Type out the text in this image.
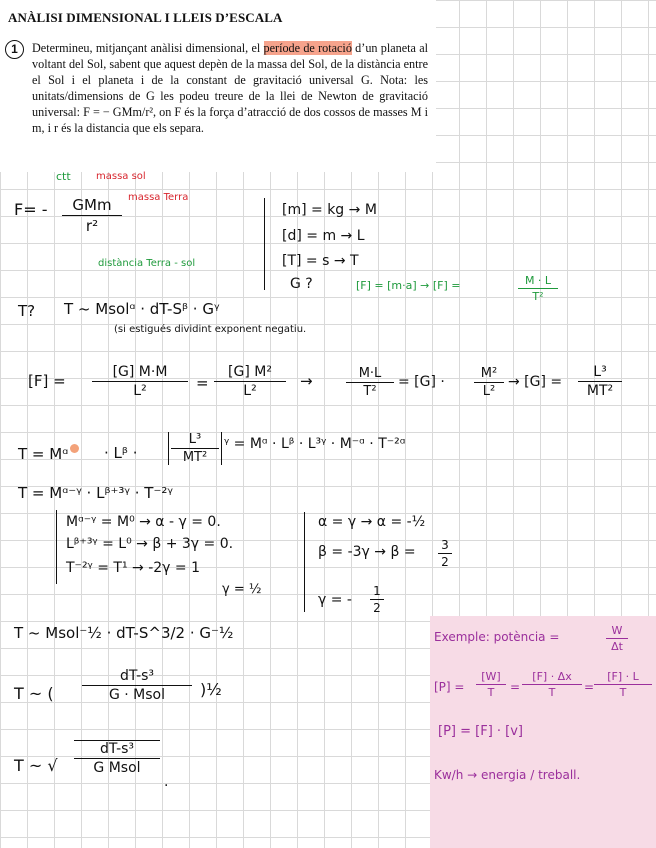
ANÀLISI DIMENSIONAL I LLEIS D’ESCALA
1	Determineu, mitjançant anàlisi dimensional, el període de rotació d’un planeta al voltant del Sol, sabent que aquest depèn de la massa del Sol, de la distància entre el Sol i el planeta i de la constant de gravitació universal G. Nota: les unitats/dimensions de G les podeu treure de la llei de Newton de gravitació universal: F = − GMm/r², on F és la força d’atracció de dos cossos de masses M i m, i r és la distancia que els separa.
ctt	massa sol
massa Terra
F= -	GMm
r²
distància Terra - sol
[m] = kg → M
[d] = m → L
[T] = s → T
G ?	[F] = [m·a] → [F] =	M · L
T²
T? T ~ Msolᵅ · dT-Sᵝ · Gᵞ
(si estigués dividint exponent negatiu.
[F] =	[G] M·M
L²	=
[G] M²
L²
→	M·L
T²
= [G] ·
M²
L²
→ [G] =
L³
MT²
T = Mᵅ	· Lᵝ ·
L³
MT²
ᵞ = Mᵅ · Lᵝ · L³ᵞ · M⁻ᵅ · T⁻²ᵅ
T = Mᵅ⁻ᵞ · Lᵝ⁺³ᵞ · T⁻²ᵞ
Mᵅ⁻ᵞ = M⁰ → α - γ = 0.
Lᵝ⁺³ᵞ = L⁰ → β + 3γ = 0.
T⁻²ᵞ = T¹ → -2γ = 1
γ = ½
α = γ → α = -½
β = -3γ → β = 3
2
γ = -
1
2
T ~ Msol⁻½ · dT-S^3/2 · G⁻½
T ~ (
dT-s³
G · Msol	)½
T ~ √
dT-s³
G Msol
.
Exemple: potència =	W
Δt
[P] =
[W]
T	=
[F] · Δx
T	=
[F] · L
T
[P] = [F] · [v]
Kw/h → energia / treball.
